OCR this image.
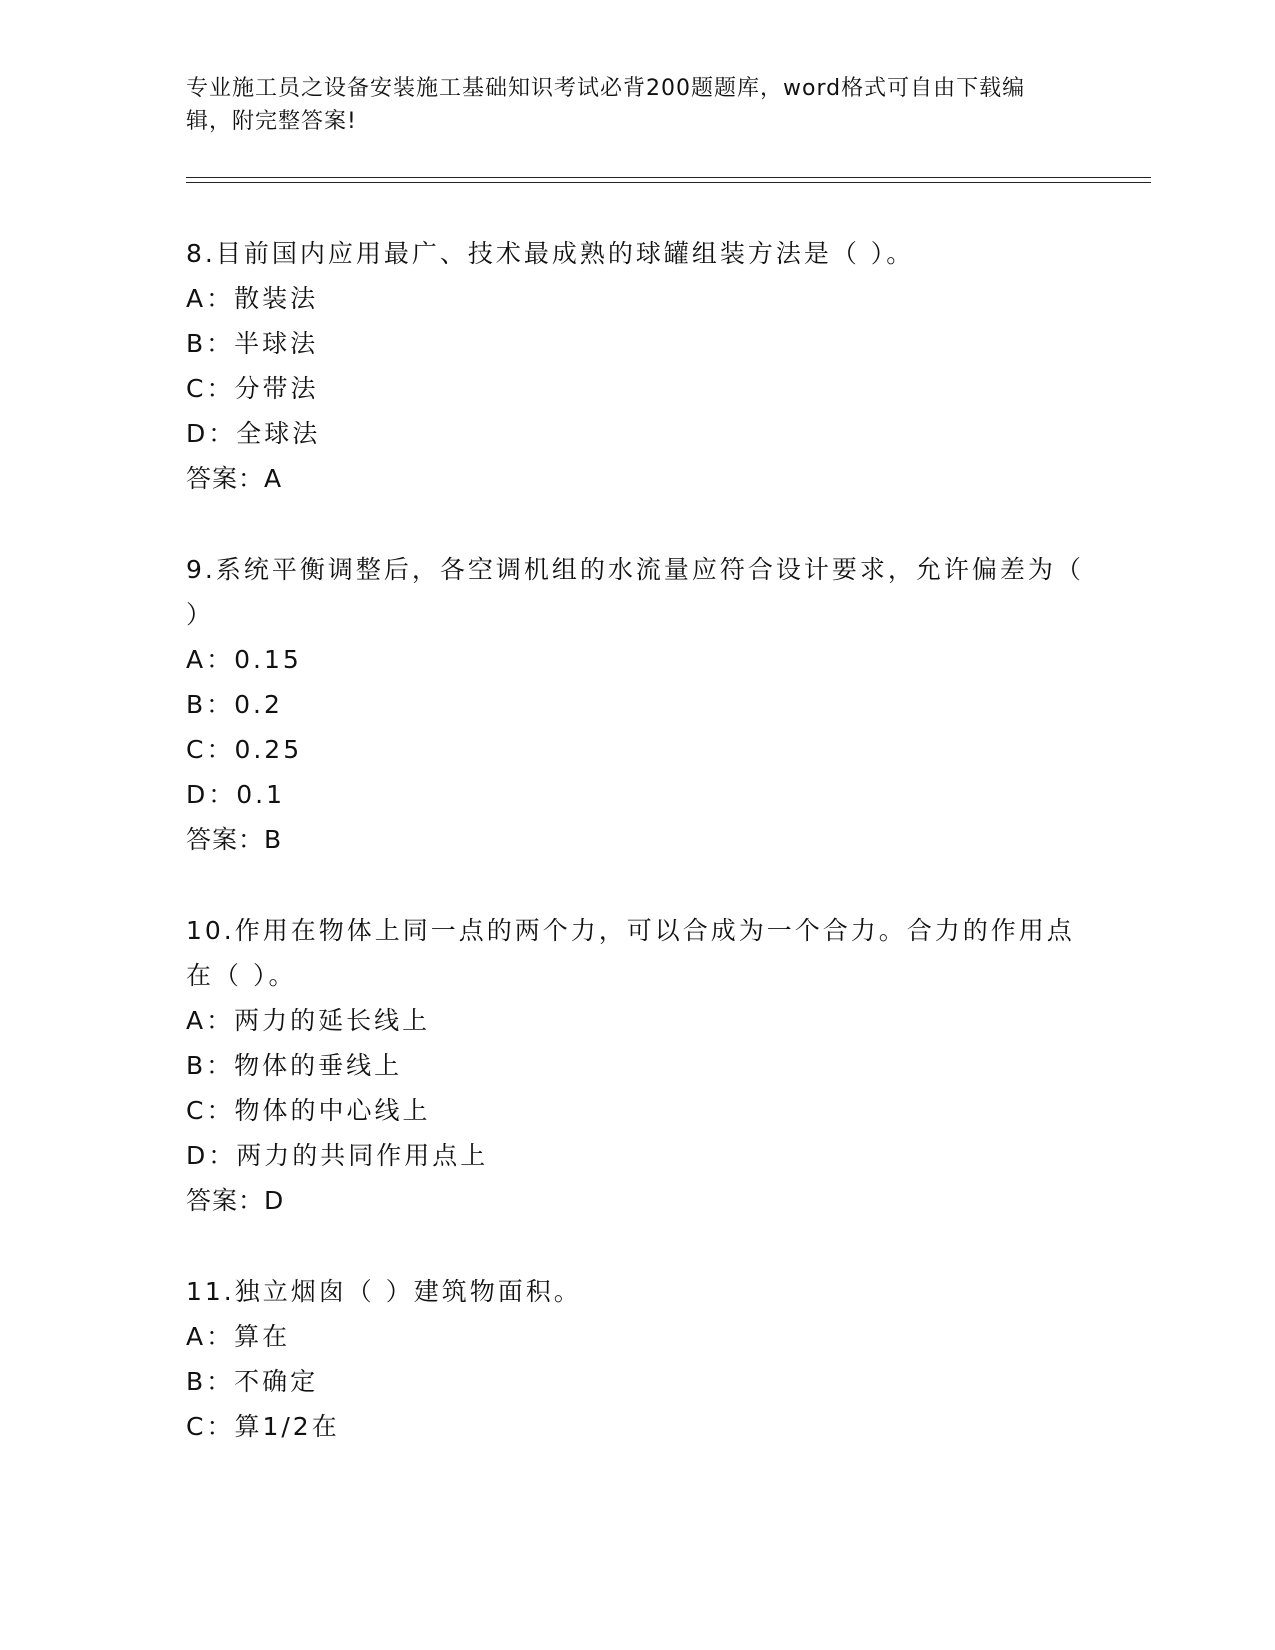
专业施工员之设备安装施工基础知识考试必背200题题库，word格式可自由下载编辑，附完整答案!
8.目前国内应用最广、技术最成熟的球罐组装方法是（ ）。
A：散装法
B：半球法
C：分带法
D：全球法
答案：A
9.系统平衡调整后，各空调机组的水流量应符合设计要求，允许偏差为（ ）
A：0.15
B：0.2
C：0.25
D：0.1
答案：B
10.作用在物体上同一点的两个力，可以合成为一个合力。合力的作用点在（ ）。
A：两力的延长线上
B：物体的垂线上
C：物体的中心线上
D：两力的共同作用点上
答案：D
11.独立烟囱（ ）建筑物面积。
A：算在
B：不确定
C：算1/2在
